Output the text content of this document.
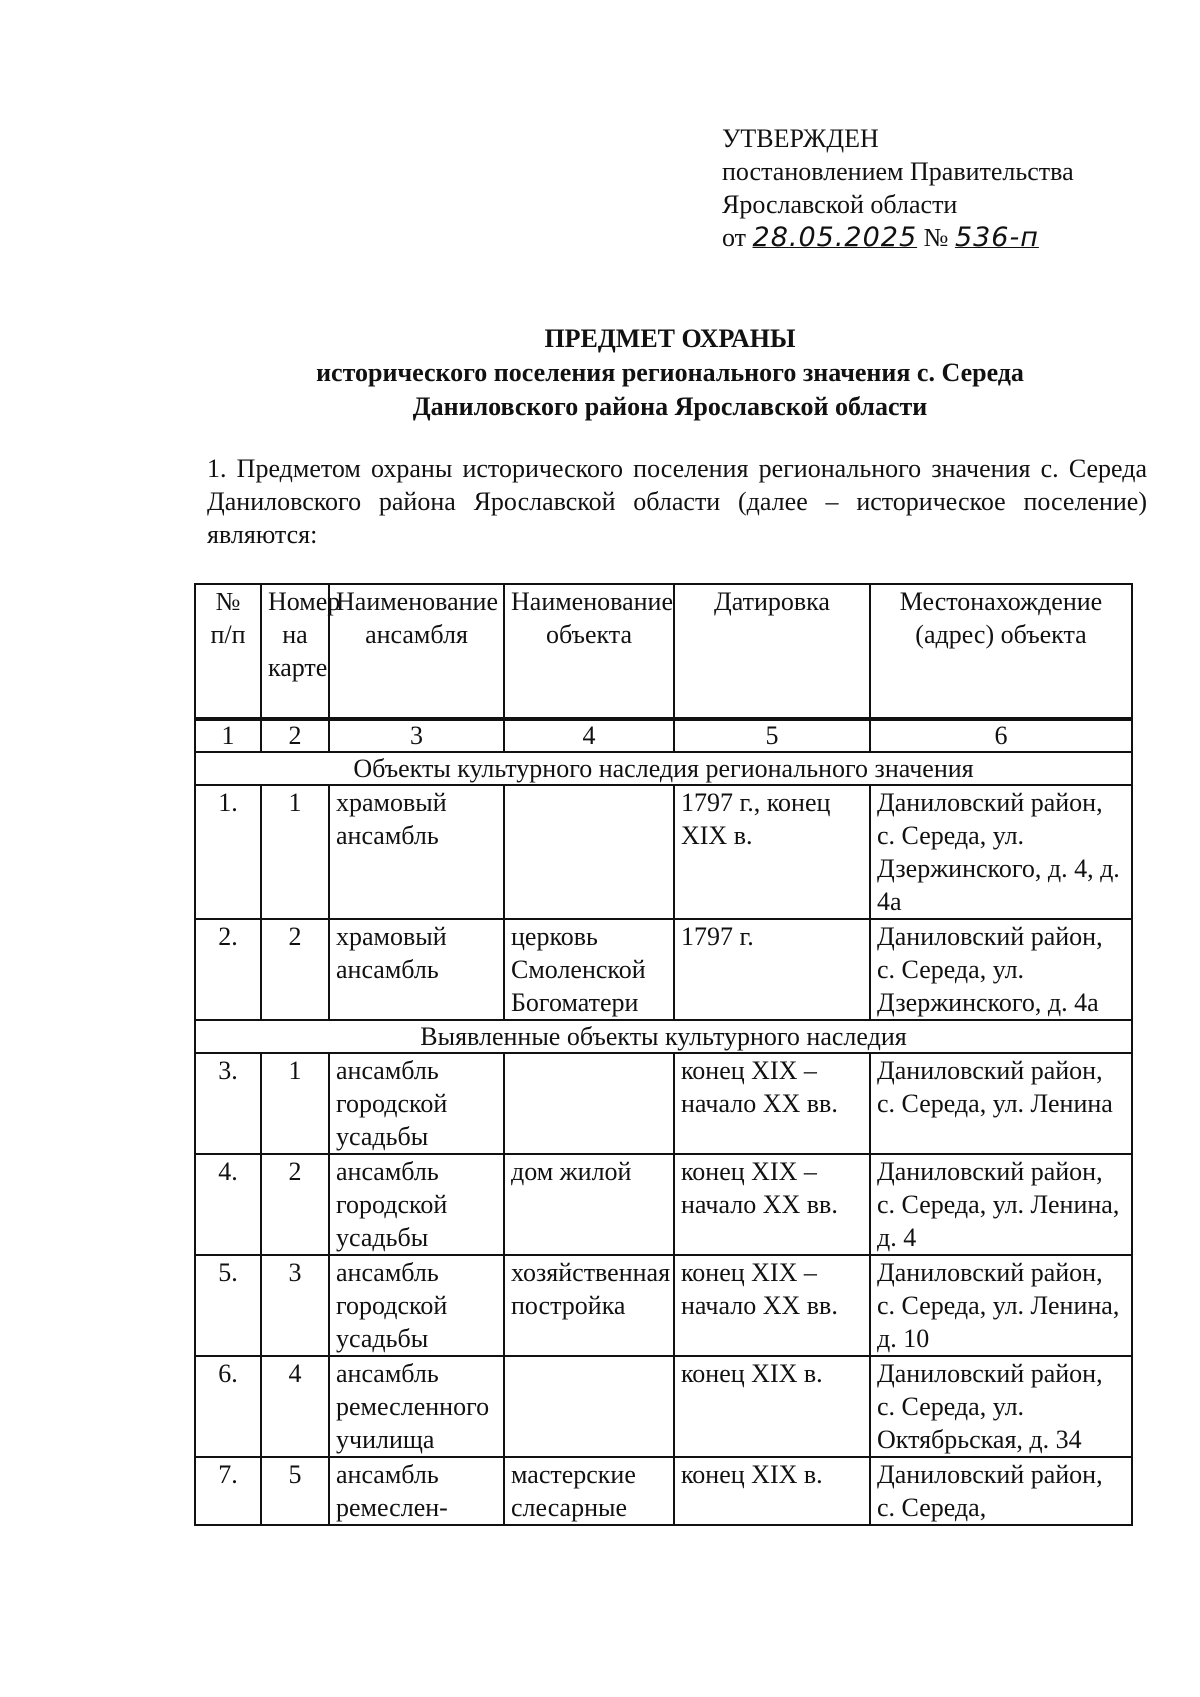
УТВЕРЖДЕН
постановлением Правительства
Ярославской области
от 28.05.2025 № 536-п
ПРЕДМЕТ ОХРАНЫ
исторического поселения регионального значения с. Середа
Даниловского района Ярославской области
1. Предметом охраны исторического поселения регионального значения с. Середа Даниловского района Ярославской области (далее – историческое поселение) являются:
№ п/п	Номер на карте	Наименование ансамбля	Наименование объекта	Датировка	Местонахождение (адрес) объекта
1	2	3	4	5	6
Объекты культурного наследия регионального значения					
1.	1	храмовый ансамбль		1797 г., конец XIX в.	Даниловский район, с. Середа, ул. Дзержинского, д. 4, д. 4а
2.	2	храмовый ансамбль	церковь Смоленской Богоматери	1797 г.	Даниловский район, с. Середа, ул. Дзержинского, д. 4а
Выявленные объекты культурного наследия					
3.	1	ансамбль городской усадьбы		конец XIX – начало XX вв.	Даниловский район, с. Середа, ул. Ленина
4.	2	ансамбль городской усадьбы	дом жилой	конец XIX – начало XX вв.	Даниловский район, с. Середа, ул. Ленина, д. 4
5.	3	ансамбль городской усадьбы	хозяйственная постройка	конец XIX – начало XX вв.	Даниловский район, с. Середа, ул. Ленина, д. 10
6.	4	ансамбль ремесленного училища		конец XIX в.	Даниловский район, с. Середа, ул. Октябрьская, д. 34
7.	5	ансамбль ремеслен-	мастерские слесарные	конец XIX в.	Даниловский район, с. Середа,
